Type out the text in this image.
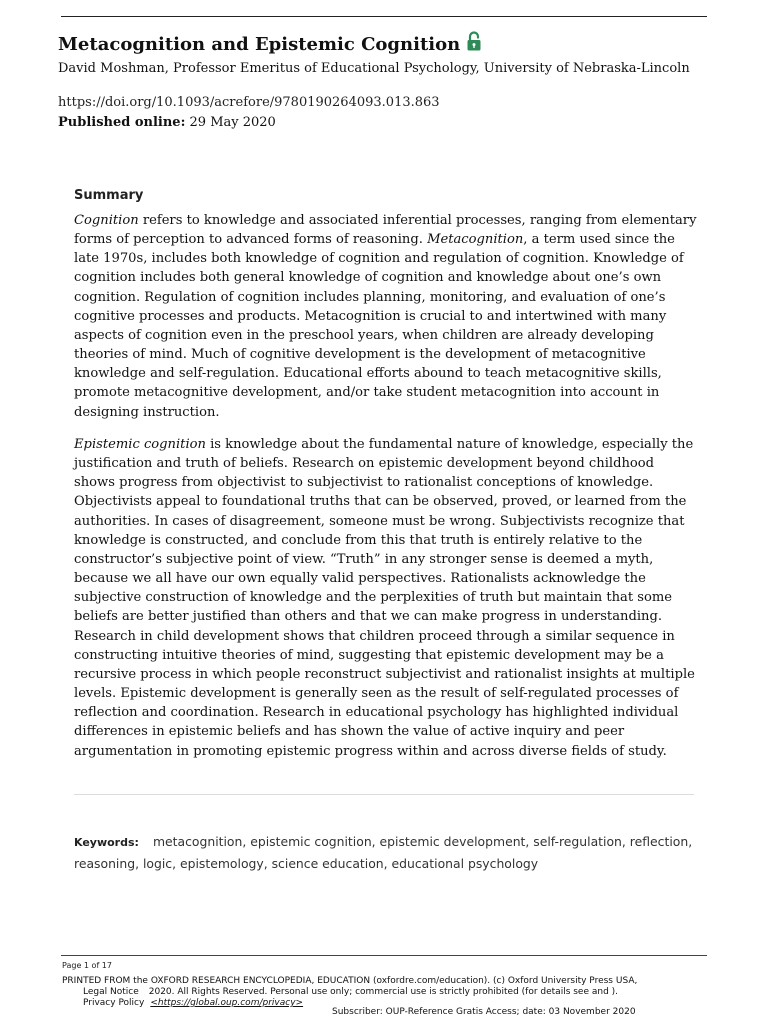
Metacognition and Epistemic Cognition
David Moshman, Professor Emeritus of Educational Psychology, University of Nebraska-Lincoln
https://doi.org/10.1093/acrefore/9780190264093.013.863
Published online: 29 May 2020
Summary
Cognition refers to knowledge and associated inferential processes, ranging from elementary forms of perception to advanced forms of reasoning. Metacognition, a term used since the late 1970s, includes both knowledge of cognition and regulation of cognition. Knowledge of cognition includes both general knowledge of cognition and knowledge about one’s own cognition. Regulation of cognition includes planning, monitoring, and evaluation of one’s cognitive processes and products. Metacognition is crucial to and intertwined with many aspects of cognition even in the preschool years, when children are already developing theories of mind. Much of cognitive development is the development of metacognitive knowledge and self-regulation. Educational efforts abound to teach metacognitive skills, promote metacognitive development, and/or take student metacognition into account in designing instruction.
Epistemic cognition is knowledge about the fundamental nature of knowledge, especially the justification and truth of beliefs. Research on epistemic development beyond childhood shows progress from objectivist to subjectivist to rationalist conceptions of knowledge. Objectivists appeal to foundational truths that can be observed, proved, or learned from the authorities. In cases of disagreement, someone must be wrong. Subjectivists recognize that knowledge is constructed, and conclude from this that truth is entirely relative to the constructor’s subjective point of view. “Truth” in any stronger sense is deemed a myth, because we all have our own equally valid perspectives. Rationalists acknowledge the subjective construction of knowledge and the perplexities of truth but maintain that some beliefs are better justified than others and that we can make progress in understanding. Research in child development shows that children proceed through a similar sequence in constructing intuitive theories of mind, suggesting that epistemic development may be a recursive process in which people reconstruct subjectivist and rationalist insights at multiple levels. Epistemic development is generally seen as the result of self-regulated processes of reflection and coordination. Research in educational psychology has highlighted individual differences in epistemic beliefs and has shown the value of active inquiry and peer argumentation in promoting epistemic progress within and across diverse fields of study.
Keywords: metacognition, epistemic cognition, epistemic development, self-regulation, reflection, reasoning, logic, epistemology, science education, educational psychology
Page 1 of 17
PRINTED FROM the OXFORD RESEARCH ENCYCLOPEDIA, EDUCATION (oxfordre.com/education). (c) Oxford University Press USA,
Legal Notice 2020. All Rights Reserved. Personal use only; commercial use is strictly prohibited (for details see and ).
Privacy Policy <https://global.oup.com/privacy>
Subscriber: OUP-Reference Gratis Access; date: 03 November 2020
